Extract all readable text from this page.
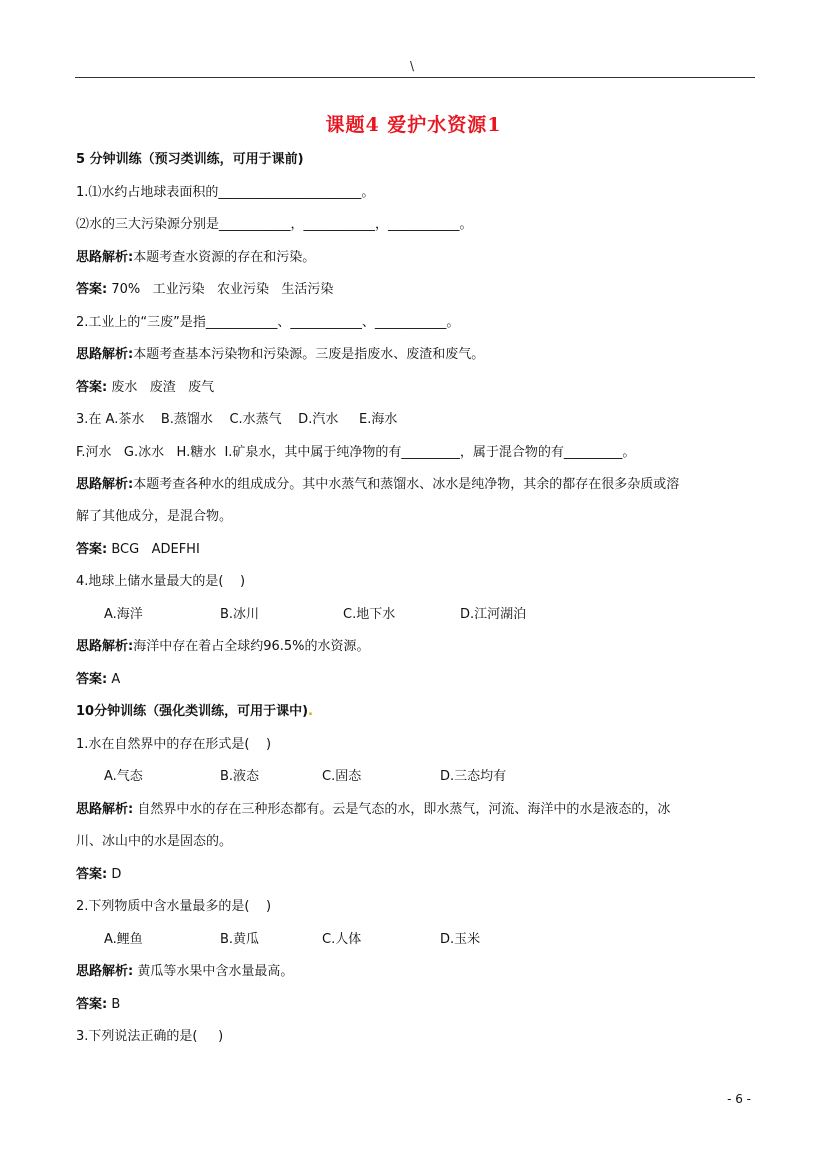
\
课题4 爱护水资源1
5 分钟训练（预习类训练，可用于课前)
1.⑴水约占地球表面积的______________________。
⑵水的三大污染源分别是___________，___________，___________。
思路解析:本题考查水资源的存在和污染。
答案: 70%   工业污染   农业污染   生活污染
2.工业上的“三废”是指___________、___________、___________。
思路解析:本题考查基本污染物和污染源。三废是指废水、废渣和废气。
答案: 废水   废渣   废气
3.在 A.茶水    B.蒸馏水    C.水蒸气    D.汽水     E.海水
F.河水   G.冰水   H.糖水  I.矿泉水，其中属于纯净物的有_________，属于混合物的有_________。
思路解析:本题考查各种水的组成成分。其中水蒸气和蒸馏水、冰水是纯净物，其余的都存在很多杂质或溶
解了其他成分，是混合物。
答案: BCG   ADEFHI
4.地球上储水量最大的是(    )
A.海洋	B.冰川	C.地下水	D.江河湖泊
思路解析:海洋中存在着占全球约96.5%的水资源。
答案: A
10分钟训练（强化类训练，可用于课中).
1.水在自然界中的存在形式是(    )
A.气态	B.液态	C.固态	D.三态均有
思路解析: 自然界中水的存在三种形态都有。云是气态的水，即水蒸气，河流、海洋中的水是液态的，冰
川、冰山中的水是固态的。
答案: D
2.下列物质中含水量最多的是(    )
A.鲤鱼	B.黄瓜	C.人体	D.玉米
思路解析: 黄瓜等水果中含水量最高。
答案: B
3.下列说法正确的是(     )
- 6 -
